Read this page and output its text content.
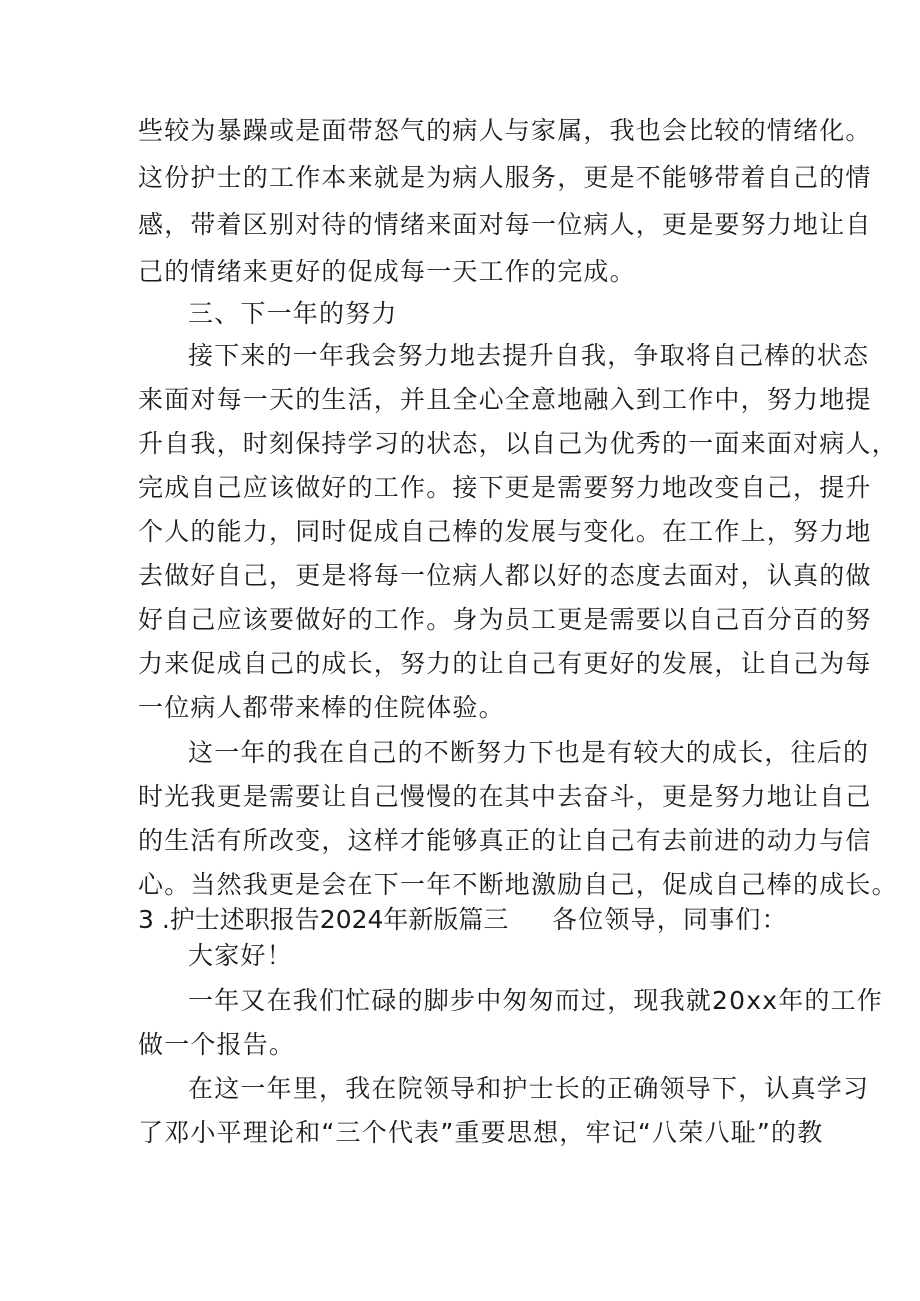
些较为暴躁或是面带怒气的病人与家属，我也会比较的情绪化。
这份护士的工作本来就是为病人服务，更是不能够带着自己的情
感，带着区别对待的情绪来面对每一位病人，更是要努力地让自
己的情绪来更好的促成每一天工作的完成。
三、下一年的努力
接下来的一年我会努力地去提升自我，争取将自己棒的状态
来面对每一天的生活，并且全心全意地融入到工作中，努力地提
升自我，时刻保持学习的状态，以自己为优秀的一面来面对病人，
完成自己应该做好的工作。接下更是需要努力地改变自己，提升
个人的能力，同时促成自己棒的发展与变化。在工作上，努力地
去做好自己，更是将每一位病人都以好的态度去面对，认真的做
好自己应该要做好的工作。身为员工更是需要以自己百分百的努
力来促成自己的成长，努力的让自己有更好的发展，让自己为每
一位病人都带来棒的住院体验。
这一年的我在自己的不断努力下也是有较大的成长，往后的
时光我更是需要让自己慢慢的在其中去奋斗，更是努力地让自己
的生活有所改变，这样才能够真正的让自己有去前进的动力与信
心。当然我更是会在下一年不断地激励自己，促成自己棒的成长。
3 .护士述职报告2024年新版篇三 各位领导，同事们：
大家好！
一年又在我们忙碌的脚步中匆匆而过，现我就20xx年的工作
做一个报告。
在这一年里，我在院领导和护士长的正确领导下，认真学习
了邓小平理论和“三个代表”重要思想，牢记“八荣八耻”的教
